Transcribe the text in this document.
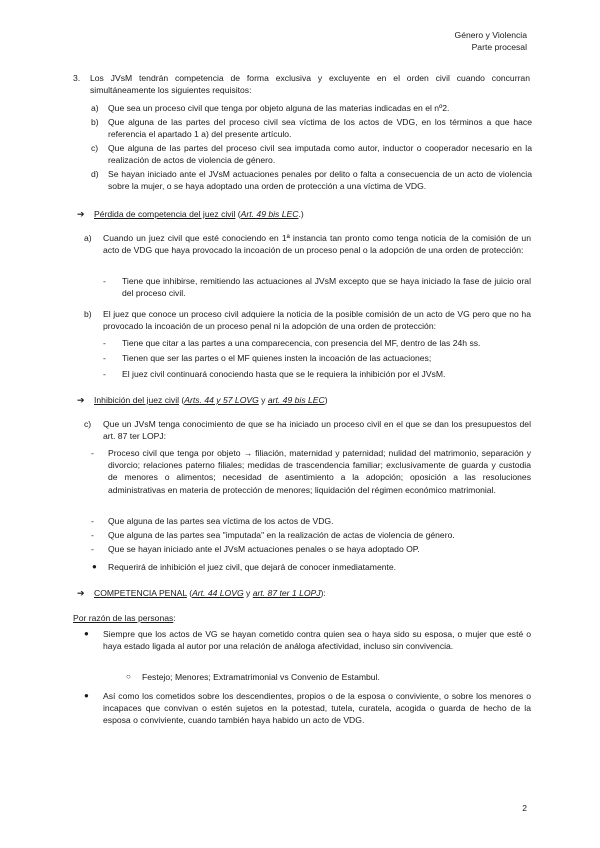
Género y Violencia
Parte procesal
3. Los JVsM tendrán competencia de forma exclusiva y excluyente en el orden civil cuando concurran simultáneamente los siguientes requisitos:
a) Que sea un proceso civil que tenga por objeto alguna de las materias indicadas en el nº2.
b) Que alguna de las partes del proceso civil sea víctima de los actos de VDG, en los términos a que hace referencia el apartado 1 a) del presente artículo.
c) Que alguna de las partes del proceso civil sea imputada como autor, inductor o cooperador necesario en la realización de actos de violencia de género.
d) Se hayan iniciado ante el JVsM actuaciones penales por delito o falta a consecuencia de un acto de violencia sobre la mujer, o se haya adoptado una orden de protección a una víctima de VDG.
➔ Pérdida de competencia del juez civil (Art. 49 bis LEC.)
a) Cuando un juez civil que esté conociendo en 1ª instancia tan pronto como tenga noticia de la comisión de un acto de VDG que haya provocado la incoación de un proceso penal o la adopción de una orden de protección:
- Tiene que inhibirse, remitiendo las actuaciones al JVsM excepto que se haya iniciado la fase de juicio oral del proceso civil.
b) El juez que conoce un proceso civil adquiere la noticia de la posible comisión de un acto de VG pero que no ha provocado la incoación de un proceso penal ni la adopción de una orden de protección:
- Tiene que citar a las partes a una comparecencia, con presencia del MF, dentro de las 24h ss.
- Tienen que ser las partes o el MF quienes insten la incoación de las actuaciones;
- El juez civil continuará conociendo hasta que se le requiera la inhibición por el JVsM.
➔ Inhibición del juez civil (Arts. 44 y 57 LOVG y art. 49 bis LEC)
c) Que un JVsM tenga conocimiento de que se ha iniciado un proceso civil en el que se dan los presupuestos del art. 87 ter LOPJ:
- Proceso civil que tenga por objeto → filiación, maternidad y paternidad; nulidad del matrimonio, separación y divorcio; relaciones paterno filiales; medidas de trascendencia familiar; exclusivamente de guarda y custodia de menores o alimentos; necesidad de asentimiento a la adopción; oposición a las resoluciones administrativas en materia de protección de menores; liquidación del régimen económico matrimonial.
- Que alguna de las partes sea víctima de los actos de VDG.
- Que alguna de las partes sea "imputada" en la realización de actas de violencia de género.
- Que se hayan iniciado ante el JVsM actuaciones penales o se haya adoptado OP.
● Requerirá de inhibición el juez civil, que dejará de conocer inmediatamente.
➔ COMPETENCIA PENAL (Art. 44 LOVG y art. 87 ter 1 LOPJ):
Por razón de las personas:
● Siempre que los actos de VG se hayan cometido contra quien sea o haya sido su esposa, o mujer que esté o haya estado ligada al autor por una relación de análoga afectividad, incluso sin convivencia.
○ Festejo; Menores; Extramatrimonial vs Convenio de Estambul.
● Así como los cometidos sobre los descendientes, propios o de la esposa o conviviente, o sobre los menores o incapaces que convivan o estén sujetos en la potestad, tutela, curatela, acogida o guarda de hecho de la esposa o conviviente, cuando también haya habido un acto de VDG.
2
